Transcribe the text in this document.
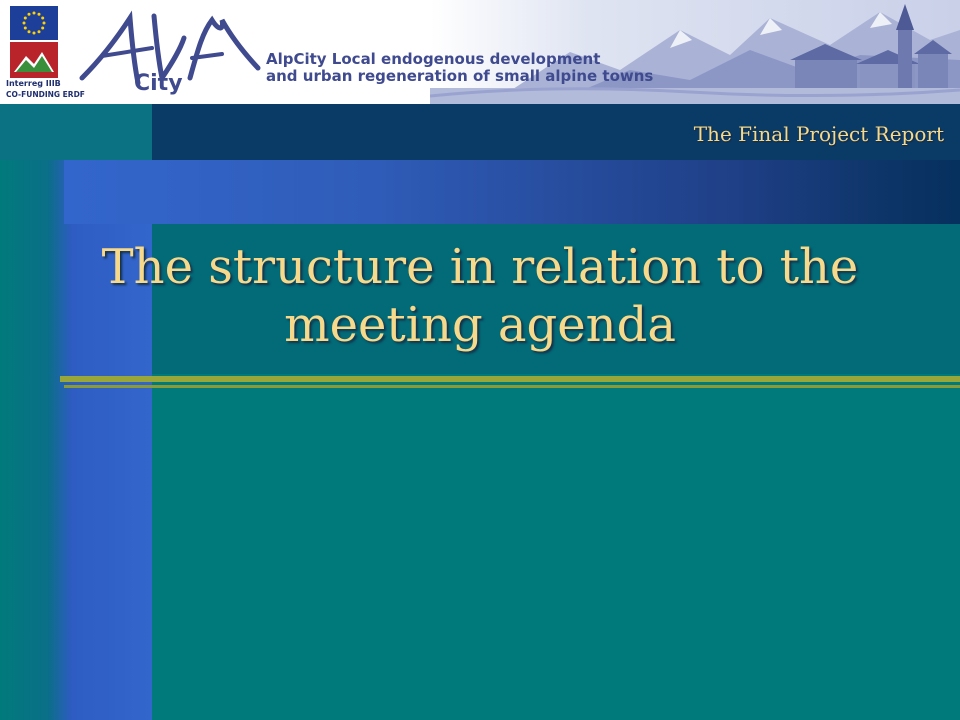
Interreg IIIB
CO-FUNDING ERDF City
AlpCity Local endogenous development
and urban regeneration of small alpine towns
The Final Project Report
The structure in relation to the meeting agenda
